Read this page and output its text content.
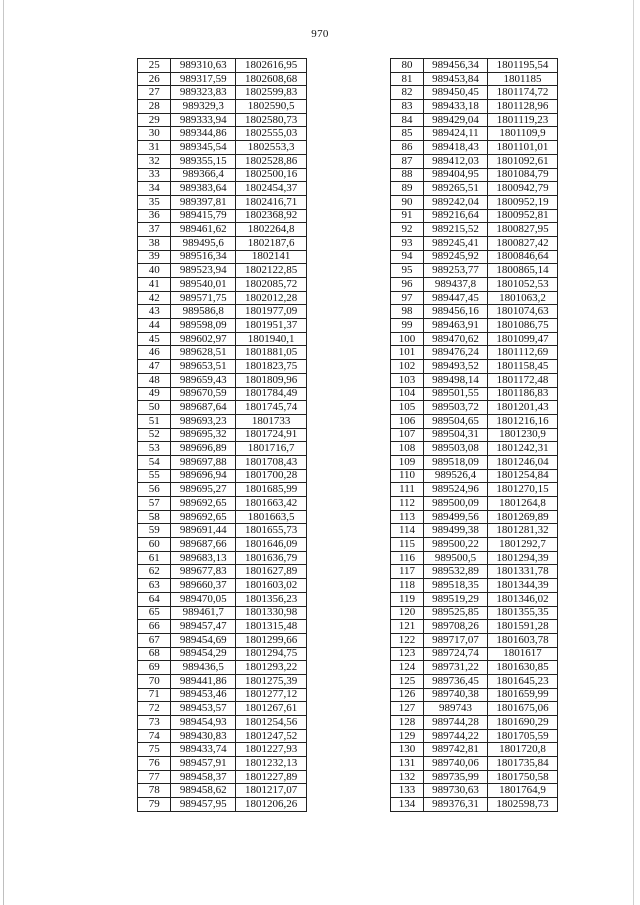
970
25	989310,63	1802616,95
26	989317,59	1802608,68
27	989323,83	1802599,83
28	989329,3	1802590,5
29	989333,94	1802580,73
30	989344,86	1802555,03
31	989345,54	1802553,3
32	989355,15	1802528,86
33	989366,4	1802500,16
34	989383,64	1802454,37
35	989397,81	1802416,71
36	989415,79	1802368,92
37	989461,62	1802264,8
38	989495,6	1802187,6
39	989516,34	1802141
40	989523,94	1802122,85
41	989540,01	1802085,72
42	989571,75	1802012,28
43	989586,8	1801977,09
44	989598,09	1801951,37
45	989602,97	1801940,1
46	989628,51	1801881,05
47	989653,51	1801823,75
48	989659,43	1801809,96
49	989670,59	1801784,49
50	989687,64	1801745,74
51	989693,23	1801733
52	989695,32	1801724,91
53	989696,89	1801716,7
54	989697,88	1801708,43
55	989696,94	1801700,28
56	989695,27	1801685,99
57	989692,65	1801663,42
58	989692,65	1801663,5
59	989691,44	1801655,73
60	989687,66	1801646,09
61	989683,13	1801636,79
62	989677,83	1801627,89
63	989660,37	1801603,02
64	989470,05	1801356,23
65	989461,7	1801330,98
66	989457,47	1801315,48
67	989454,69	1801299,66
68	989454,29	1801294,75
69	989436,5	1801293,22
70	989441,86	1801275,39
71	989453,46	1801277,12
72	989453,57	1801267,61
73	989454,93	1801254,56
74	989430,83	1801247,52
75	989433,74	1801227,93
76	989457,91	1801232,13
77	989458,37	1801227,89
78	989458,62	1801217,07
79	989457,95	1801206,26
80	989456,34	1801195,54
81	989453,84	1801185
82	989450,45	1801174,72
83	989433,18	1801128,96
84	989429,04	1801119,23
85	989424,11	1801109,9
86	989418,43	1801101,01
87	989412,03	1801092,61
88	989404,95	1801084,79
89	989265,51	1800942,79
90	989242,04	1800952,19
91	989216,64	1800952,81
92	989215,52	1800827,95
93	989245,41	1800827,42
94	989245,92	1800846,64
95	989253,77	1800865,14
96	989437,8	1801052,53
97	989447,45	1801063,2
98	989456,16	1801074,63
99	989463,91	1801086,75
100	989470,62	1801099,47
101	989476,24	1801112,69
102	989493,52	1801158,45
103	989498,14	1801172,48
104	989501,55	1801186,83
105	989503,72	1801201,43
106	989504,65	1801216,16
107	989504,31	1801230,9
108	989503,08	1801242,31
109	989518,09	1801246,04
110	989526,4	1801254,84
111	989524,96	1801270,15
112	989500,09	1801264,8
113	989499,56	1801269,89
114	989499,38	1801281,32
115	989500,22	1801292,7
116	989500,5	1801294,39
117	989532,89	1801331,78
118	989518,35	1801344,39
119	989519,29	1801346,02
120	989525,85	1801355,35
121	989708,26	1801591,28
122	989717,07	1801603,78
123	989724,74	1801617
124	989731,22	1801630,85
125	989736,45	1801645,23
126	989740,38	1801659,99
127	989743	1801675,06
128	989744,28	1801690,29
129	989744,22	1801705,59
130	989742,81	1801720,8
131	989740,06	1801735,84
132	989735,99	1801750,58
133	989730,63	1801764,9
134	989376,31	1802598,73
